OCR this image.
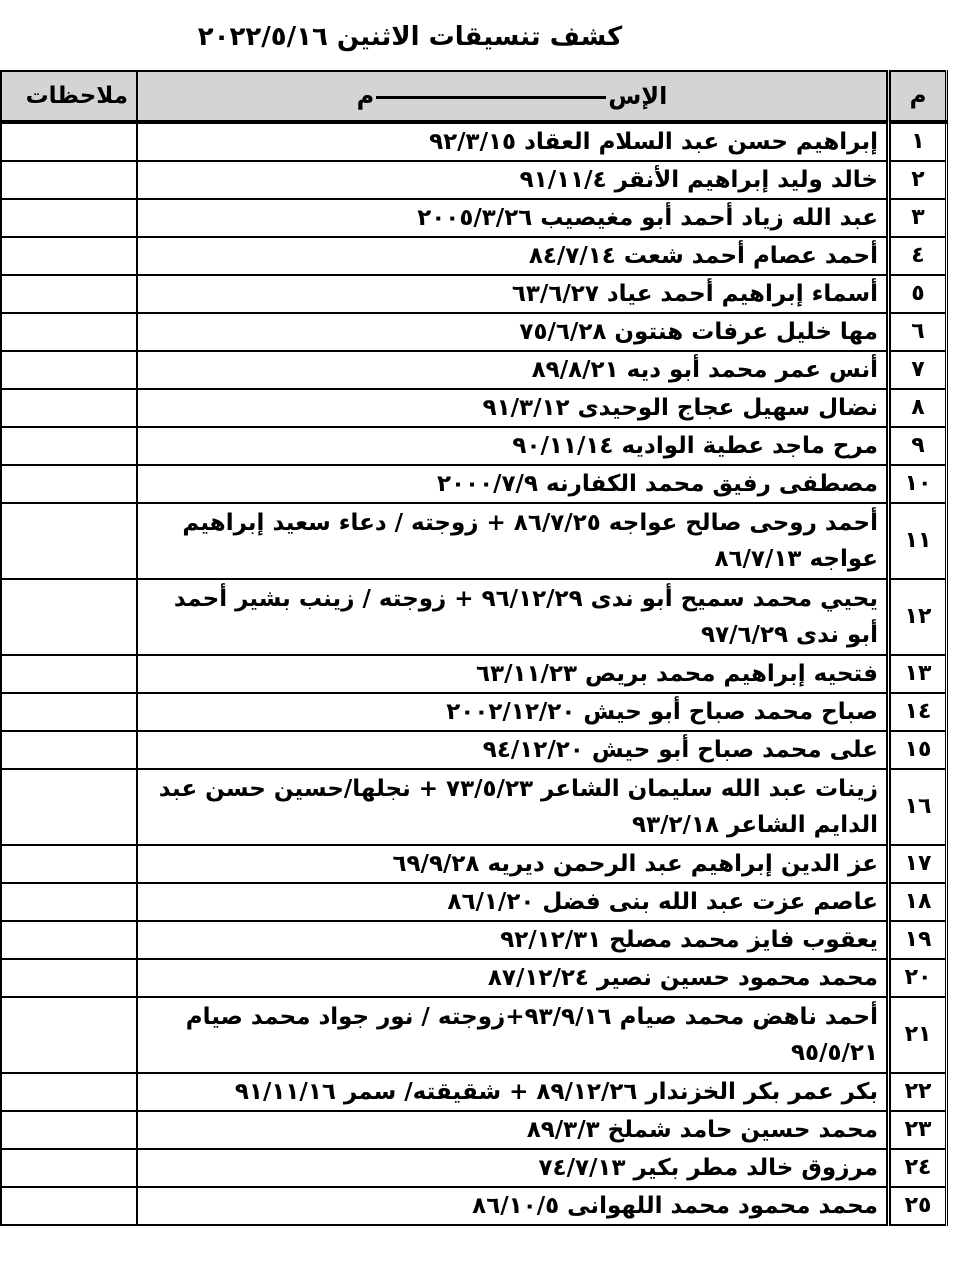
كشف تنسيقات الاثنين ٢٠٢٢/٥/١٦
م	الإسم	ملاحظات
١	إبراهيم حسن عبد السلام العقاد ٩٢/٣/١٥	
٢	خالد وليد إبراهيم الأنقر ٩١/١١/٤	
٣	عبد الله زياد أحمد أبو مغيصيب ٢٠٠٥/٣/٢٦	
٤	أحمد عصام أحمد شعت ٨٤/٧/١٤	
٥	أسماء إبراهيم أحمد عياد ٦٣/٦/٢٧	
٦	مها خليل عرفات هنتون ٧٥/٦/٢٨	
٧	أنس عمر محمد أبو ديه ٨٩/٨/٢١	
٨	نضال سهيل عجاج الوحيدى ٩١/٣/١٢	
٩	مرح ماجد عطية الواديه ٩٠/١١/١٤	
١٠	مصطفى رفيق محمد الكفارنه ٢٠٠٠/٧/٩	
١١	أحمد روحى صالح عواجه ٨٦/٧/٢٥ + زوجته / دعاء سعيد إبراهيم عواجه ٨٦/٧/١٣	
١٢	يحيي محمد سميح أبو ندى ٩٦/١٢/٢٩ + زوجته / زينب بشير أحمد أبو ندى ٩٧/٦/٢٩	
١٣	فتحيه إبراهيم محمد بريص ٦٣/١١/٢٣	
١٤	صباح محمد صباح أبو حيش ٢٠٠٢/١٢/٢٠	
١٥	على محمد صباح أبو حيش ٩٤/١٢/٢٠	
١٦	زينات عبد الله سليمان الشاعر ٧٣/٥/٢٣ + نجلها/حسين حسن عبد الدايم الشاعر ٩٣/٢/١٨	
١٧	عز الدين إبراهيم عبد الرحمن ديريه ٦٩/٩/٢٨	
١٨	عاصم عزت عبد الله بنى فضل ٨٦/١/٢٠	
١٩	يعقوب فايز محمد مصلح ٩٢/١٢/٣١	
٢٠	محمد محمود حسين نصير ٨٧/١٢/٢٤	
٢١	أحمد ناهض محمد صيام ٩٣/٩/١٦+زوجته / نور جواد محمد صيام ٩٥/٥/٢١	
٢٢	بكر عمر بكر الخزندار ٨٩/١٢/٢٦ + شقيقته/ سمر ٩١/١١/١٦	
٢٣	محمد حسين حامد شملخ ٨٩/٣/٣	
٢٤	مرزوق خالد مطر بكير ٧٤/٧/١٣	
٢٥	محمد محمود محمد اللهوانى ٨٦/١٠/٥	
